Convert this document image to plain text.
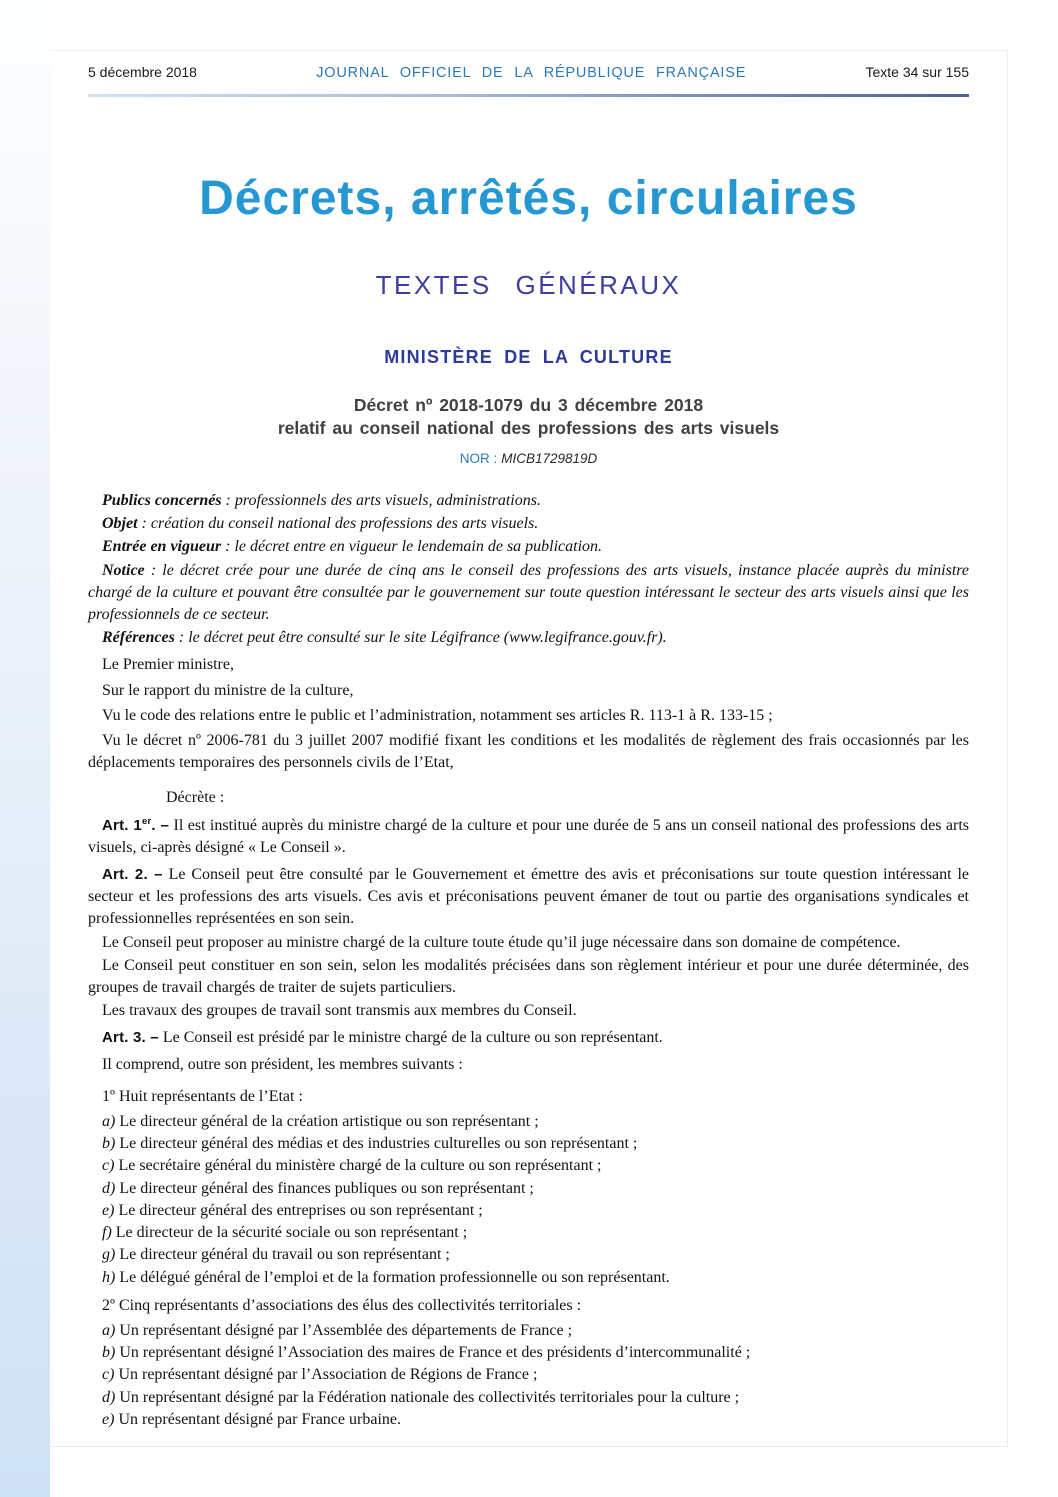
5 décembre 2018	JOURNAL OFFICIEL DE LA RÉPUBLIQUE FRANÇAISE	Texte 34 sur 155
Décrets, arrêtés, circulaires
TEXTES GÉNÉRAUX
MINISTÈRE DE LA CULTURE
Décret nº 2018-1079 du 3 décembre 2018
relatif au conseil national des professions des arts visuels
NOR : MICB1729819D

Publics concernés : professionnels des arts visuels, administrations.

Objet : création du conseil national des professions des arts visuels.

Entrée en vigueur : le décret entre en vigueur le lendemain de sa publication.

Notice : le décret crée pour une durée de cinq ans le conseil des professions des arts visuels, instance placée auprès du ministre chargé de la culture et pouvant être consultée par le gouvernement sur toute question intéressant le secteur des arts visuels ainsi que les professionnels de ce secteur.

Références : le décret peut être consulté sur le site Légifrance (www.legifrance.gouv.fr).

Le Premier ministre,

Sur le rapport du ministre de la culture,

Vu le code des relations entre le public et l’administration, notamment ses articles R. 113-1 à R. 133-15 ;

Vu le décret nº 2006-781 du 3 juillet 2007 modifié fixant les conditions et les modalités de règlement des frais occasionnés par les déplacements temporaires des personnels civils de l’Etat,

Décrète :

Art. 1er. – Il est institué auprès du ministre chargé de la culture et pour une durée de 5 ans un conseil national des professions des arts visuels, ci-après désigné « Le Conseil ».

Art. 2. – Le Conseil peut être consulté par le Gouvernement et émettre des avis et préconisations sur toute question intéressant le secteur et les professions des arts visuels. Ces avis et préconisations peuvent émaner de tout ou partie des organisations syndicales et professionnelles représentées en son sein.

Le Conseil peut proposer au ministre chargé de la culture toute étude qu’il juge nécessaire dans son domaine de compétence.

Le Conseil peut constituer en son sein, selon les modalités précisées dans son règlement intérieur et pour une durée déterminée, des groupes de travail chargés de traiter de sujets particuliers.

Les travaux des groupes de travail sont transmis aux membres du Conseil.

Art. 3. – Le Conseil est présidé par le ministre chargé de la culture ou son représentant.

Il comprend, outre son président, les membres suivants :

1º Huit représentants de l’Etat :

a) Le directeur général de la création artistique ou son représentant ;

b) Le directeur général des médias et des industries culturelles ou son représentant ;

c) Le secrétaire général du ministère chargé de la culture ou son représentant ;

d) Le directeur général des finances publiques ou son représentant ;

e) Le directeur général des entreprises ou son représentant ;

f) Le directeur de la sécurité sociale ou son représentant ;

g) Le directeur général du travail ou son représentant ;

h) Le délégué général de l’emploi et de la formation professionnelle ou son représentant.

2º Cinq représentants d’associations des élus des collectivités territoriales :

a) Un représentant désigné par l’Assemblée des départements de France ;

b) Un représentant désigné l’Association des maires de France et des présidents d’intercommunalité ;

c) Un représentant désigné par l’Association de Régions de France ;

d) Un représentant désigné par la Fédération nationale des collectivités territoriales pour la culture ;

e) Un représentant désigné par France urbaine.
